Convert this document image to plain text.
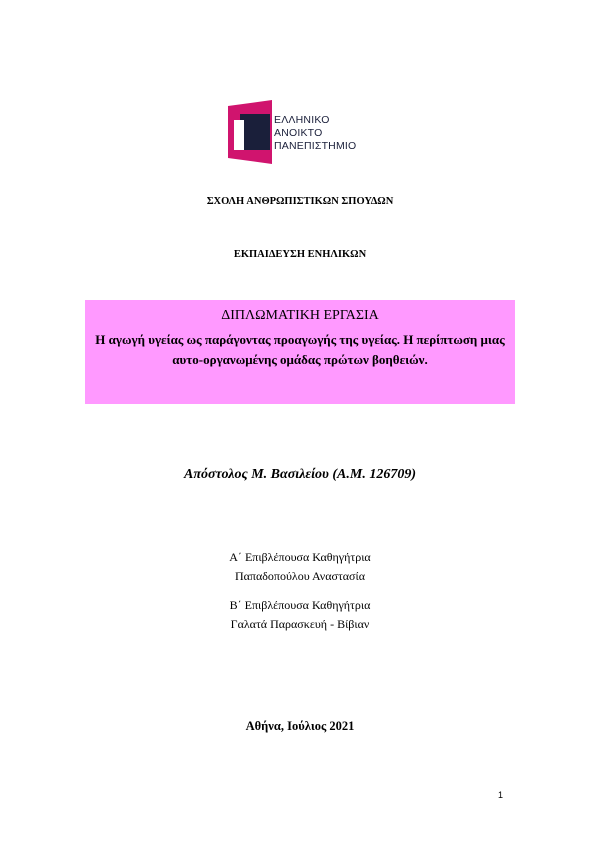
ΕΛΛΗΝΙΚΟ
ΑΝΟΙΚΤΟ
ΠΑΝΕΠΙΣΤΗΜΙΟ
ΣΧΟΛΗ ΑΝΘΡΩΠΙΣΤΙΚΩΝ ΣΠΟΥΔΩΝ
ΕΚΠΑΙΔΕΥΣΗ ΕΝΗΛΙΚΩΝ
ΔΙΠΛΩΜΑΤΙΚΗ ΕΡΓΑΣΙΑ
Η αγωγή υγείας ως παράγοντας προαγωγής της υγείας. Η περίπτωση μιας αυτο-οργανωμένης ομάδας πρώτων βοηθειών.
Απόστολος Μ. Βασιλείου (Α.Μ. 126709)
Α΄ Επιβλέπουσα Καθηγήτρια
Παπαδοπούλου Αναστασία
Β΄ Επιβλέπουσα Καθηγήτρια
Γαλατά Παρασκευή - Βίβιαν
Αθήνα, Ιούλιος 2021
1
